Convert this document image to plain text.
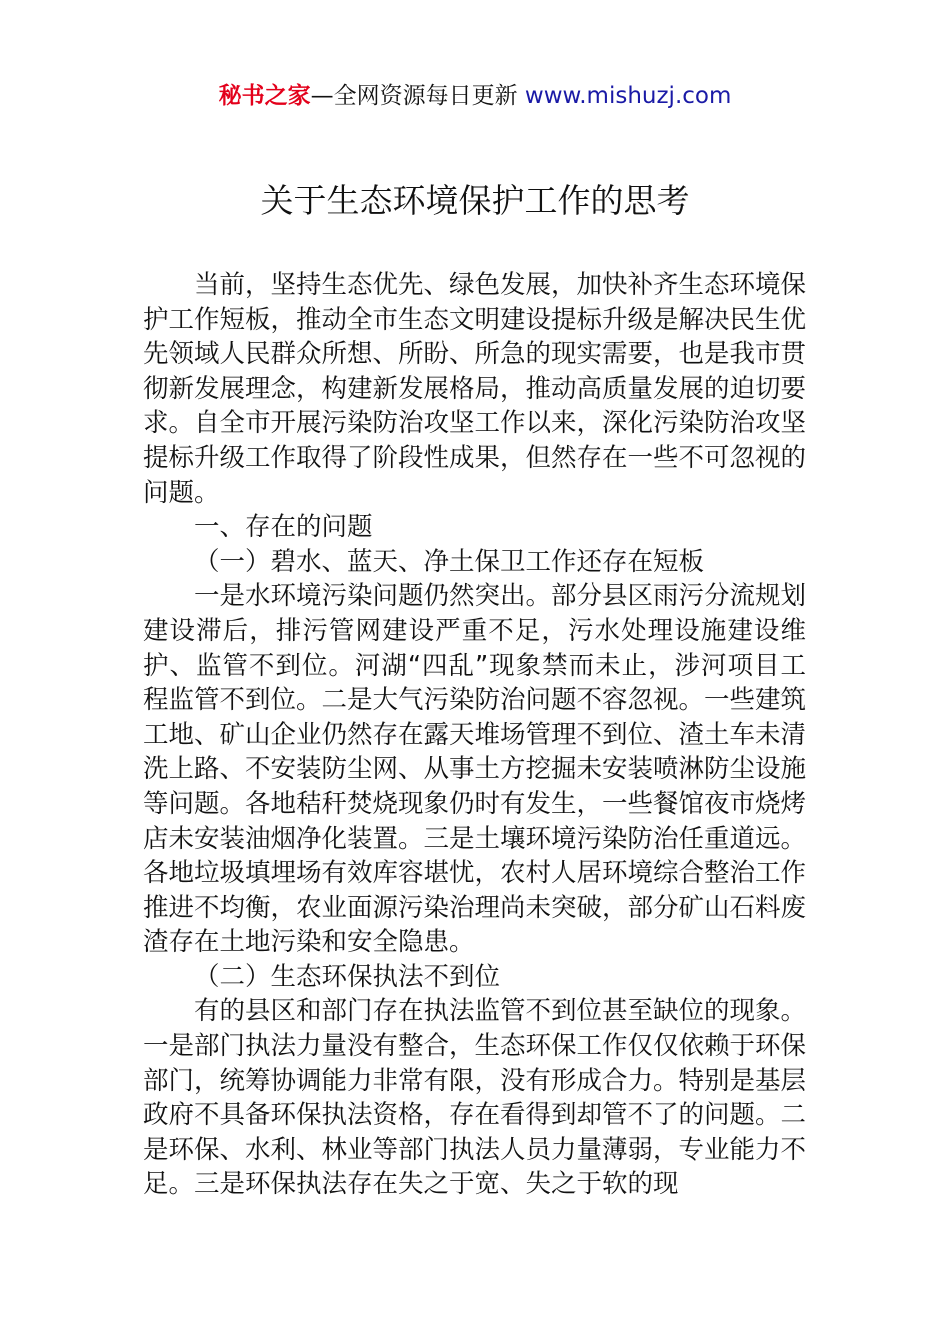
秘书之家—全网资源每日更新 www.mishuzj.com
关于生态环境保护工作的思考

当前，坚持生态优先、绿色发展，加快补齐生态环境保护工作短板，推动全市生态文明建设提标升级是解决民生优先领域人民群众所想、所盼、所急的现实需要，也是我市贯彻新发展理念，构建新发展格局，推动高质量发展的迫切要求。自全市开展污染防治攻坚工作以来，深化污染防治攻坚提标升级工作取得了阶段性成果，但然存在一些不可忽视的问题。

一、存在的问题

（一）碧水、蓝天、净土保卫工作还存在短板

一是水环境污染问题仍然突出。部分县区雨污分流规划建设滞后，排污管网建设严重不足，污水处理设施建设维护、监管不到位。河湖“四乱”现象禁而未止，涉河项目工程监管不到位。二是大气污染防治问题不容忽视。一些建筑工地、矿山企业仍然存在露天堆场管理不到位、渣土车未清洗上路、不安装防尘网、从事土方挖掘未安装喷淋防尘设施等问题。各地秸秆焚烧现象仍时有发生，一些餐馆夜市烧烤店未安装油烟净化装置。三是土壤环境污染防治任重道远。各地垃圾填埋场有效库容堪忧，农村人居环境综合整治工作推进不均衡，农业面源污染治理尚未突破，部分矿山石料废渣存在土地污染和安全隐患。

（二）生态环保执法不到位

有的县区和部门存在执法监管不到位甚至缺位的现象。一是部门执法力量没有整合，生态环保工作仅仅依赖于环保部门，统筹协调能力非常有限，没有形成合力。特别是基层政府不具备环保执法资格，存在看得到却管不了的问题。二是环保、水利、林业等部门执法人员力量薄弱，专业能力不足。三是环保执法存在失之于宽、失之于软的现
